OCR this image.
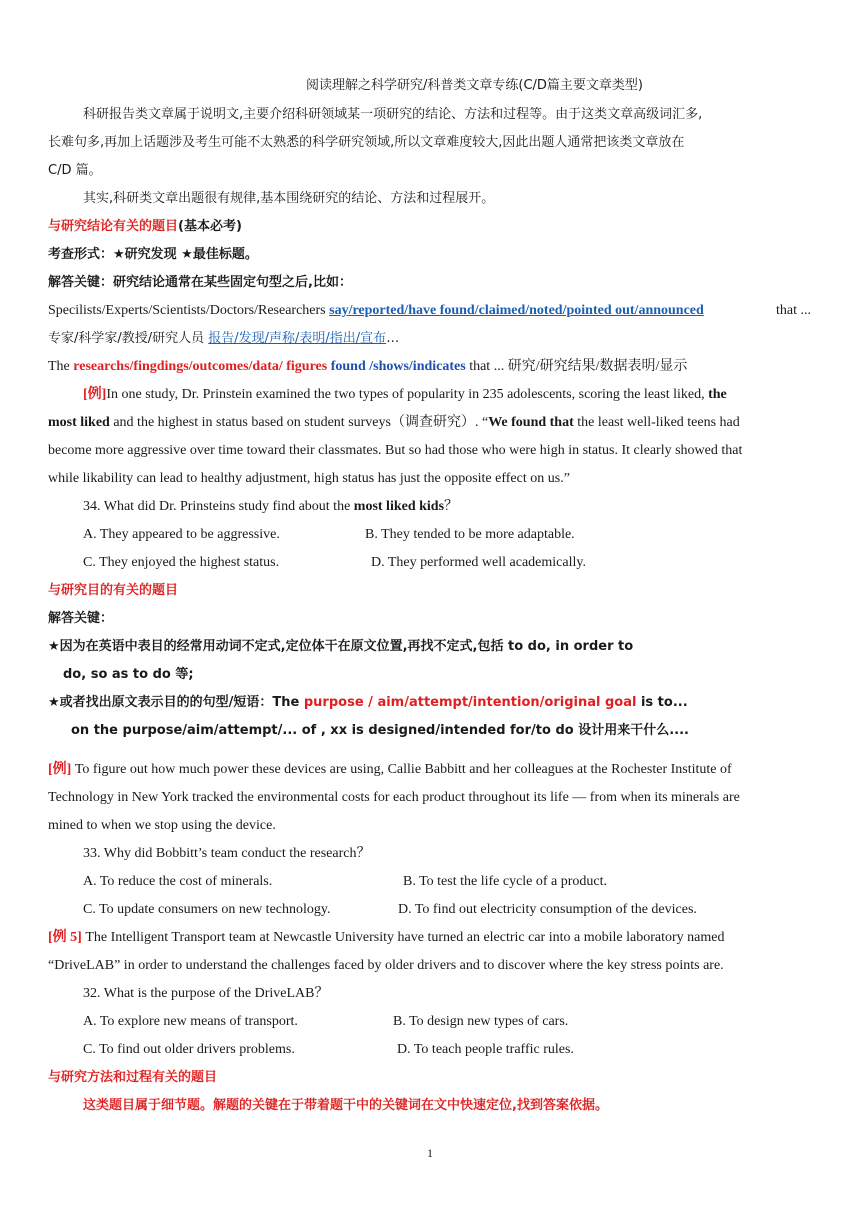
阅读理解之科学研究/科普类文章专练(C/D篇主要文章类型)
科研报告类文章属于说明文,主要介绍科研领域某一项研究的结论、方法和过程等。由于这类文章高级词汇多,
长难句多,再加上话题涉及考生可能不太熟悉的科学研究领域,所以文章难度较大,因此出题人通常把该类文章放在
C/D 篇。
其实,科研类文章出题很有规律,基本围绕研究的结论、方法和过程展开。
与研究结论有关的题目(基本必考)
考查形式：★研究发现 ★最佳标题。
解答关键：研究结论通常在某些固定句型之后,比如：
Specilists/Experts/Scientists/Doctors/Researchers say/reported/have found/claimed/noted/pointed out/announced	that ...
专家/科学家/教授/研究人员 报告/发现/声称/表明/指出/宣布…
The researchs/fingdings/outcomes/data/ figures found /shows/indicates that ... 研究/研究结果/数据表明/显示
[例]In one study, Dr. Prinstein examined the two types of popularity in 235 adolescents, scoring the least liked, the
most liked and the highest in status based on student surveys（调查研究）. “We found that the least well-liked teens had
become more aggressive over time toward their classmates. But so had those who were high in status. It clearly showed that
while likability can lead to healthy adjustment, high status has just the opposite effect on us.”
34. What did Dr. Prinsteins study find about the most liked kids？
A. They appeared to be aggressive.	B. They tended to be more adaptable.
C. They enjoyed the highest status.	D. They performed well academically.
与研究目的有关的题目
解答关键：
★因为在英语中表目的经常用动词不定式,定位体干在原文位置,再找不定式,包括 to do, in order to
do, so as to do 等;
★或者找出原文表示目的的句型/短语：The purpose / aim/attempt/intention/original goal is to...
on the purpose/aim/attempt/... of , xx is designed/intended for/to do 设计用来干什么....
[例] To figure out how much power these devices are using, Callie Babbitt and her colleagues at the Rochester Institute of
Technology in New York tracked the environmental costs for each product throughout its life — from when its minerals are
mined to when we stop using the device.
33. Why did Bobbitt’s team conduct the research？
A. To reduce the cost of minerals.	B. To test the life cycle of a product.
C. To update consumers on new technology.	D. To find out electricity consumption of the devices.
[例 5] The Intelligent Transport team at Newcastle University have turned an electric car into a mobile laboratory named
“DriveLAB” in order to understand the challenges faced by older drivers and to discover where the key stress points are.
32. What is the purpose of the DriveLAB？
A. To explore new means of transport.	B. To design new types of cars.
C. To find out older drivers problems.	D. To teach people traffic rules.
与研究方法和过程有关的题目
这类题目属于细节题。解题的关键在于带着题干中的关键词在文中快速定位,找到答案依据。
1
